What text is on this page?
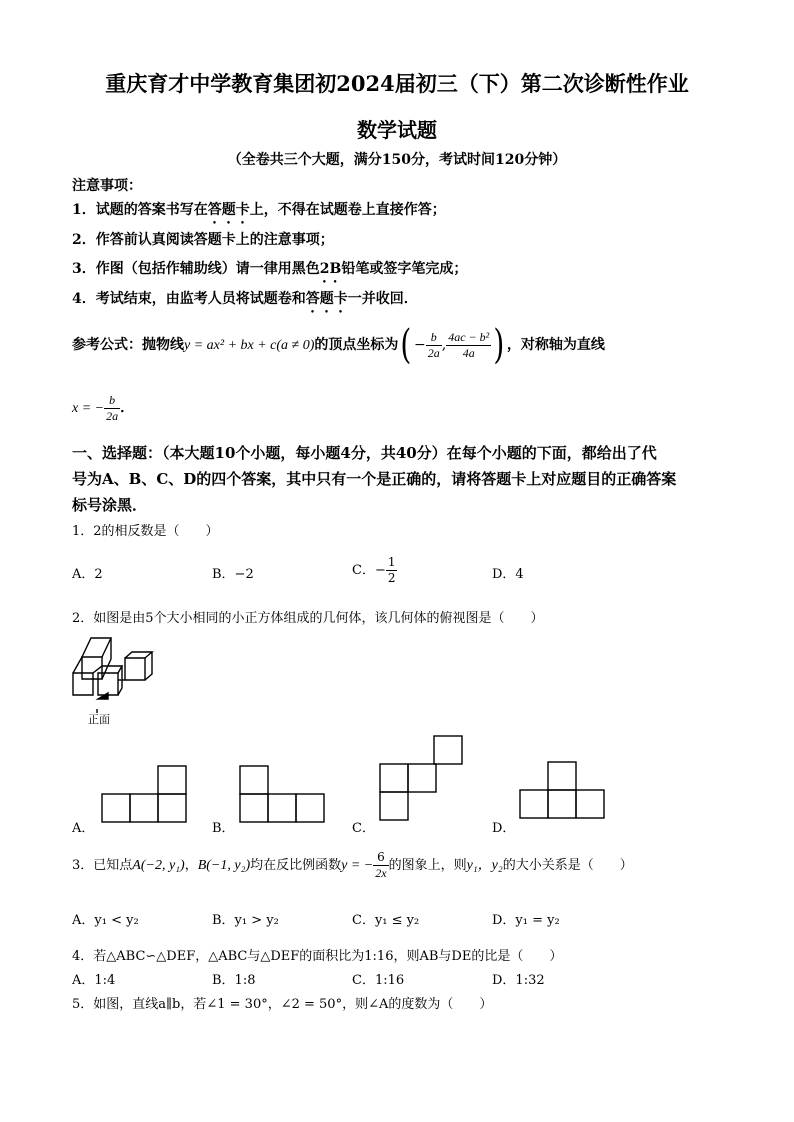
重庆育才中学教育集团初2024届初三（下）第二次诊断性作业
数学试题
（全卷共三个大题，满分150分，考试时间120分钟）
注意事项：
1．试题的答案书写在答题卡上，不得在试题卷上直接作答；
2．作答前认真阅读答题卡上的注意事项；
3．作图（包括作辅助线）请一律用黑色2B铅笔或签字笔完成；
4．考试结束，由监考人员将试题卷和答题卡一并收回．
参考公式：抛物线y = ax² + bx + c(a ≠ 0)的顶点坐标为( − $\frac{b}{2a}$ , $\frac{\text{4ac − b²}}{4a}$ ) ，对称轴为直线
x = − $\frac{b}{2a}$ ．
一、选择题：（本大题10个小题，每小题4分，共40分）在每个小题的下面，都给出了代
号为A、B、C、D的四个答案，其中只有一个是正确的，请将答题卡上对应题目的正确答案
标号涂黑．
1．2的相反数是（　　）
A．2	B．−2	C．− $\frac{1}{2}$	D．4
2．如图是由5个大小相同的小正方体组成的几何体，该几何体的俯视图是（　　）
正面
A．	B．	C．	D．
3．已知点A(−2, y₁)，B(−1, y₂)均在反比例函数y = − $\frac{6}{2x}$ 的图象上，则y₁，y₂的大小关系是（　　）
A．y₁ < y₂	B．y₁ > y₂	C．y₁ ≤ y₂	D．y₁ = y₂
4．若△ABC∽△DEF，△ABC与△DEF的面积比为1:16，则AB与DE的比是（　　）
A．1:4	B．1:8	C．1:16	D．1:32
5．如图，直线a∥b，若∠1 = 30°，∠2 = 50°，则∠A的度数为（　　）
